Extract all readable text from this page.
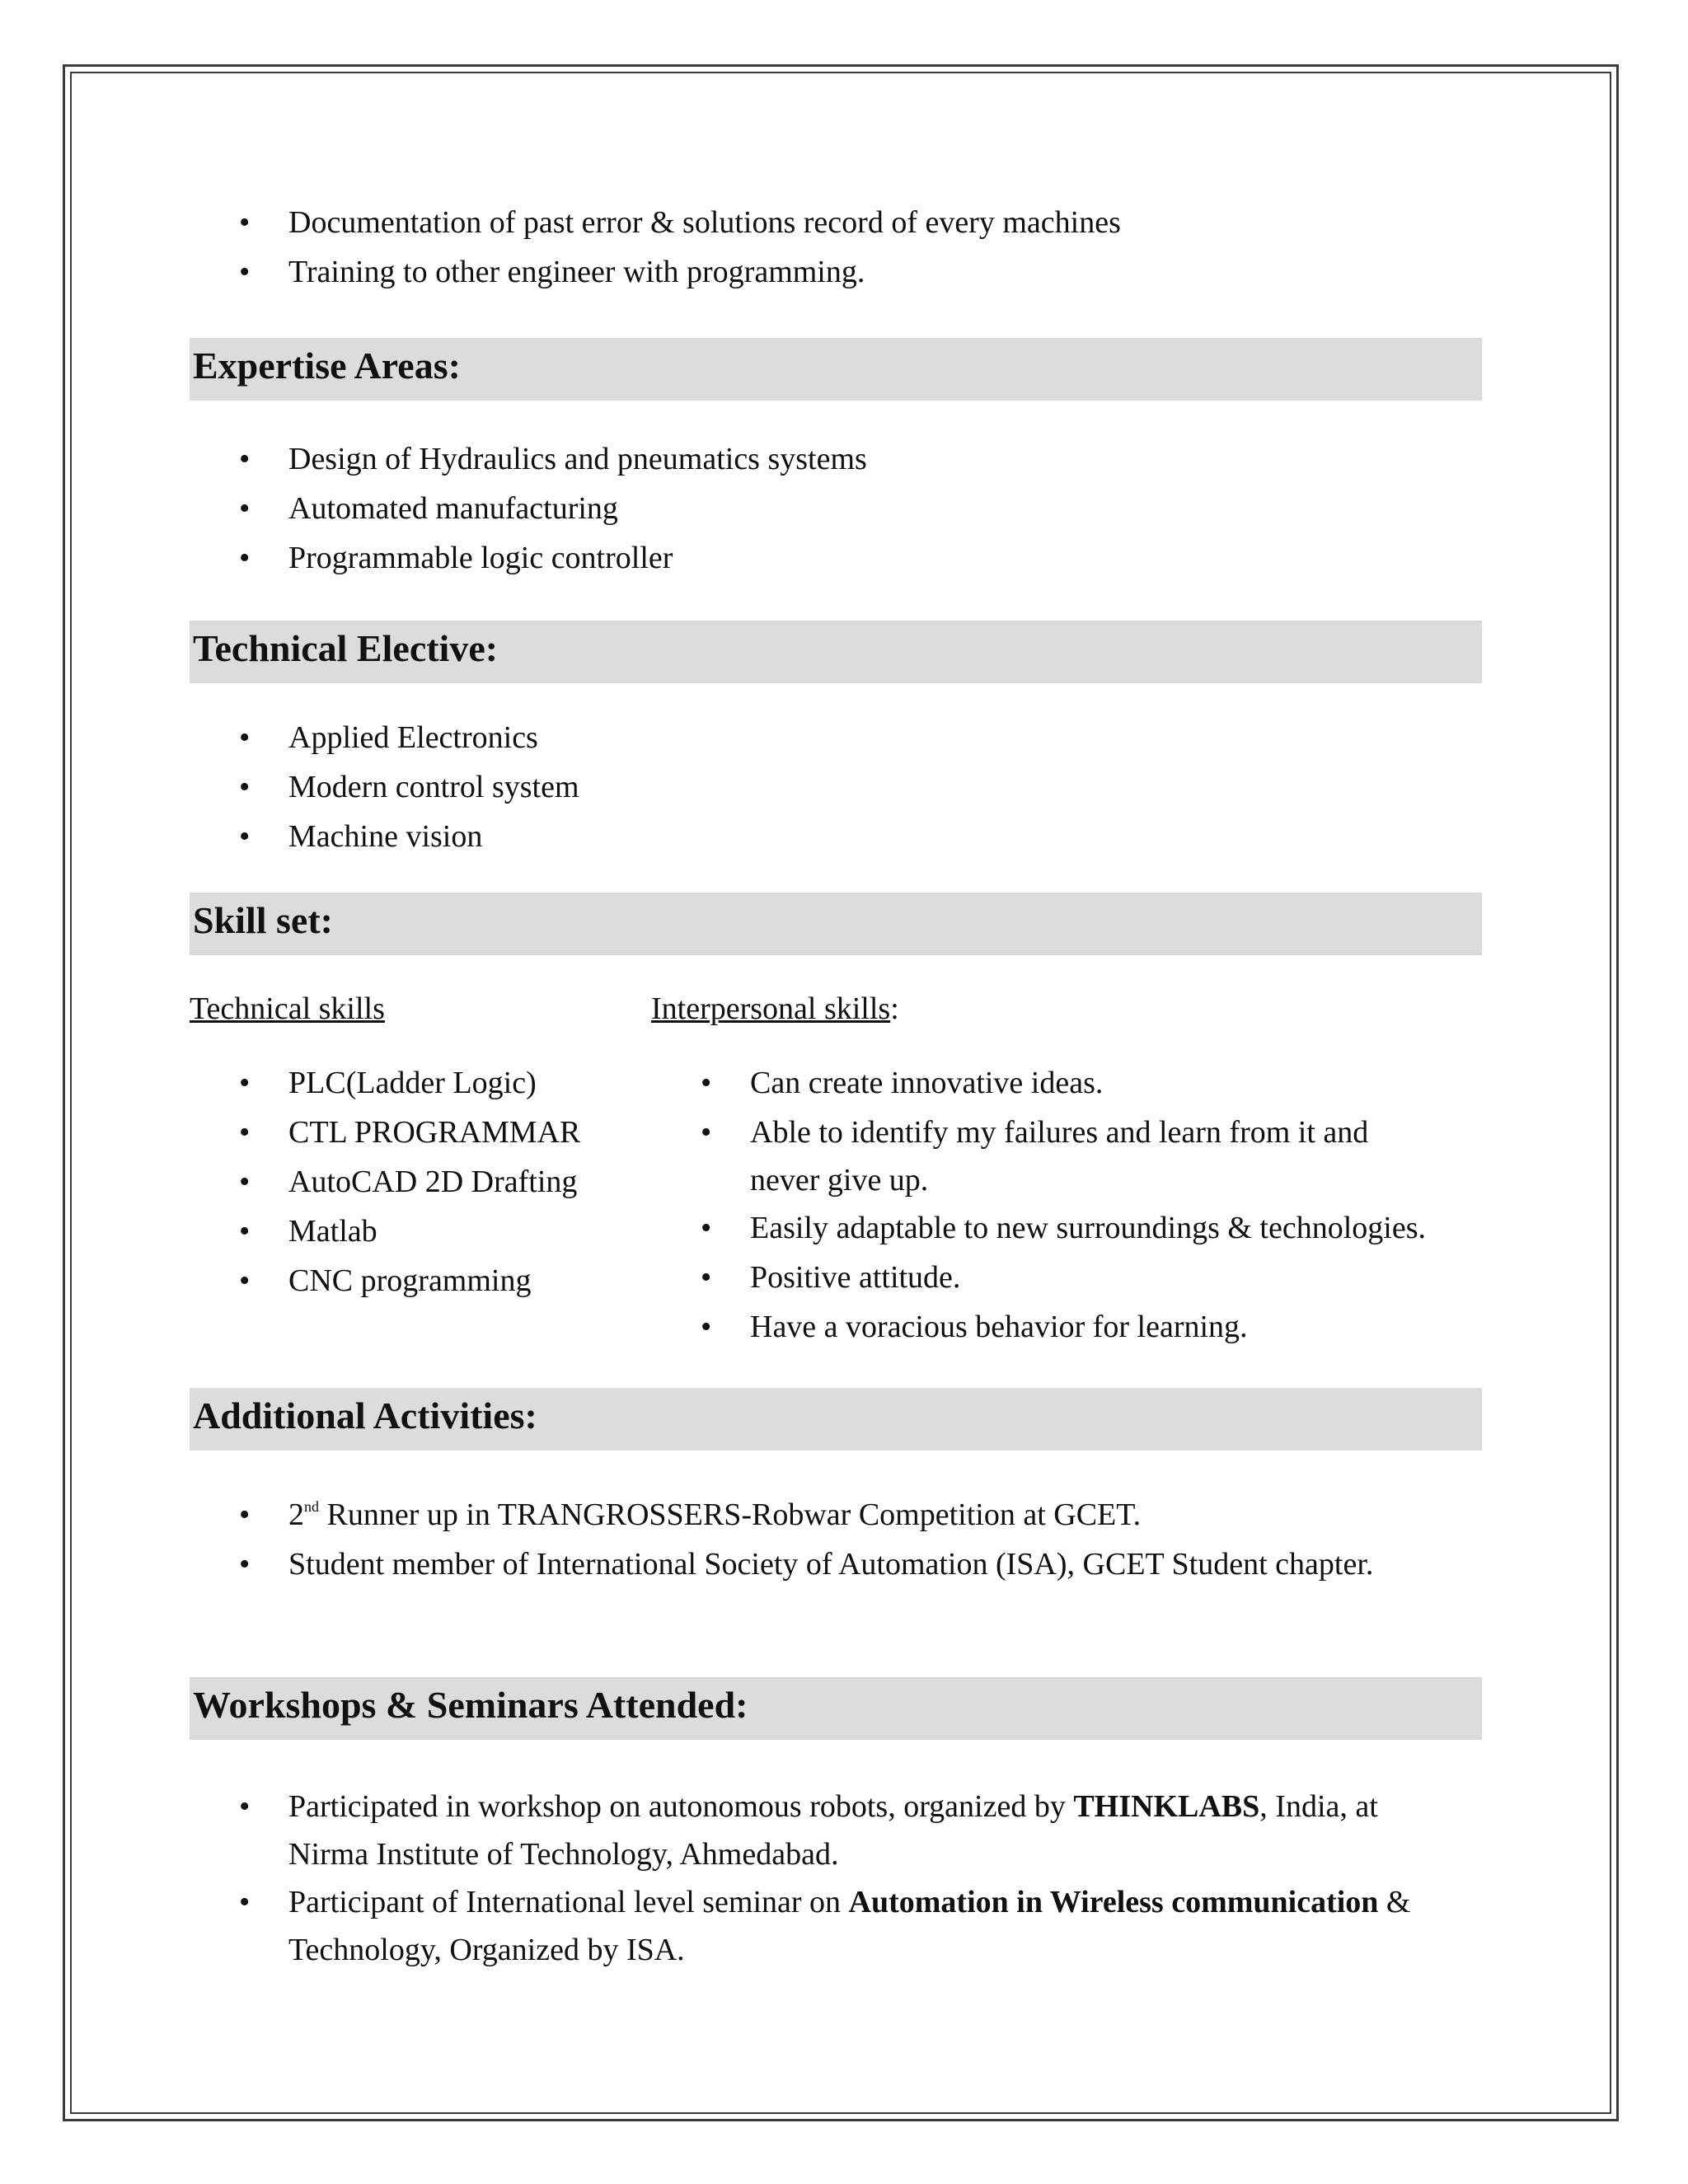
• Documentation of past error & solutions record of every machines
• Training to other engineer with programming.
Expertise Areas:
• Design of Hydraulics and pneumatics systems
• Automated manufacturing
• Programmable logic controller
Technical Elective:
• Applied Electronics
• Modern control system
• Machine vision
Skill set:
Technical skills	Interpersonal skills:
• PLC(Ladder Logic)
• CTL PROGRAMMAR
• AutoCAD 2D Drafting
• Matlab
• CNC programming
• Can create innovative ideas.
• Able to identify my failures and learn from it and
never give up.
• Easily adaptable to new surroundings & technologies.
• Positive attitude.
• Have a voracious behavior for learning.
Additional Activities:
• 2nd Runner up in TRANGROSSERS-Robwar Competition at GCET.
• Student member of International Society of Automation (ISA), GCET Student chapter.
Workshops & Seminars Attended:
• Participated in workshop on autonomous robots, organized by THINKLABS, India, at
Nirma Institute of Technology, Ahmedabad.
• Participant of International level seminar on Automation in Wireless communication &
Technology, Organized by ISA.
